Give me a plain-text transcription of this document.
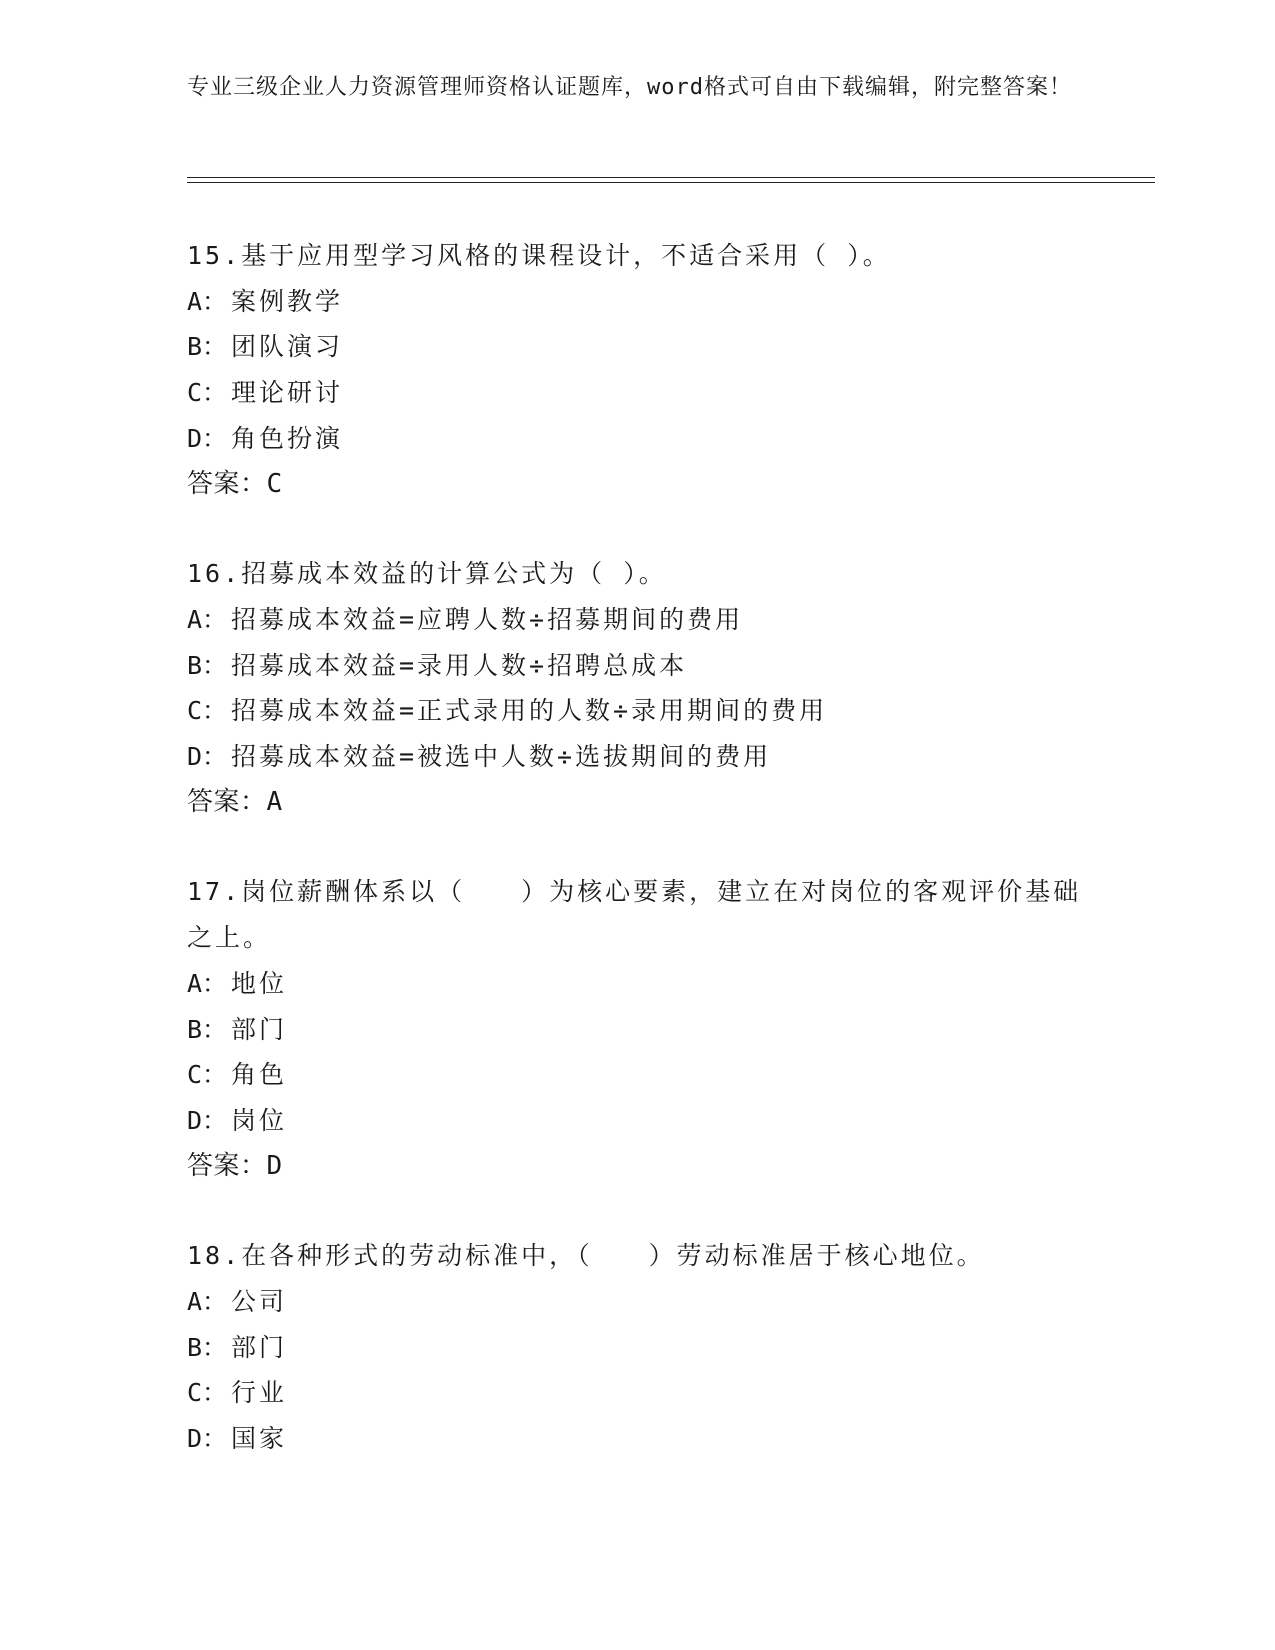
专业三级企业人力资源管理师资格认证题库，word格式可自由下载编辑，附完整答案！
15.基于应用型学习风格的课程设计，不适合采用（ ）。
A： 案例教学
B： 团队演习
C： 理论研讨
D： 角色扮演
答案：C
16.招募成本效益的计算公式为（ ）。
A： 招募成本效益=应聘人数÷招募期间的费用
B： 招募成本效益=录用人数÷招聘总成本
C： 招募成本效益=正式录用的人数÷录用期间的费用
D： 招募成本效益=被选中人数÷选拔期间的费用
答案：A
17.岗位薪酬体系以（　　）为核心要素，建立在对岗位的客观评价基础之上。
A： 地位
B： 部门
C： 角色
D： 岗位
答案：D
18.在各种形式的劳动标准中，（　　）劳动标准居于核心地位。
A： 公司
B： 部门
C： 行业
D： 国家
